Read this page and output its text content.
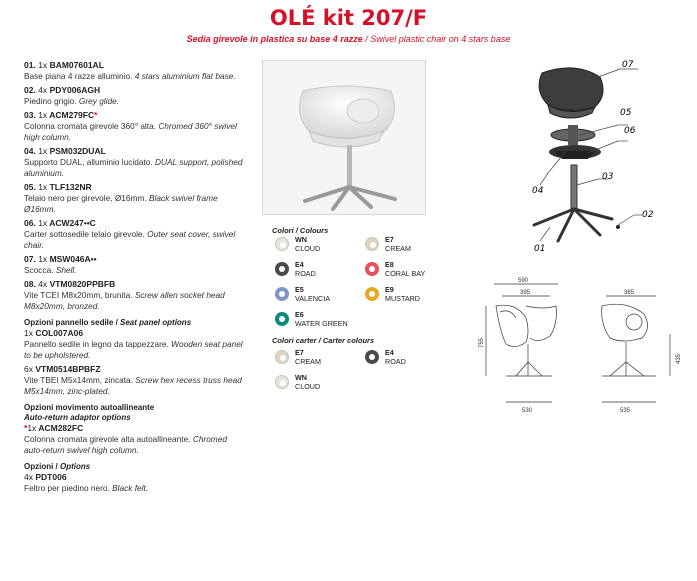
OLÉ kit 207/F
Sedia girevole in plastica su base 4 razze / Swivel plastic chair on 4 stars base
01. 1x BAM07601AL
Base piana 4 razze alluminio. 4 stars aluminium flat base.
02. 4x PDY006AGH
Piedino grigio. Grey glide.
03. 1x ACM279FC*
Colonna cromata girevole 360° alta. Chromed 360° swivel high column.
04. 1x PSM032DUAL
Supporto DUAL, alluminio lucidato. DUAL support, polished aluminium.
05. 1x TLF132NR
Telaio nero per girevole, Ø16mm. Black swivel frame Ø16mm.
06. 1x ACW247••C
Carter sottosedile telaio girevole. Outer seat cover, swivel chair.
07. 1x MSW046A••
Scocca. Shell.
08. 4x VTM0820PPBFB
Vite TCEI M8x20mm, brunita. Screw allen socket head M8x20mm, bronzed.
Opzioni pannello sedile / Seat panel options
1x COL007A06
Pannello sedile in legno da tappezzare. Wooden seat panel to be upholstered.
6x VTM0514BPBFZ
Vite TBEI M5x14mm, zincata. Screw hex recess truss head M5x14mm, zinc-plated.
Opzioni movimento autoallineante
Auto-return adaptor options
*1x ACM282FC
Colonna cromata girevole alta autoallineante. Chromed auto-return swivel high column.
Opzioni / Options
4x PDT006
Feltro per piedino nero. Black felt.
Colori / Colours
WN
CLOUD
E7
CREAM
E4
ROAD
E8
CORAL BAY
E5
VALENCIA
E9
MUSTARD
E6
WATER GREEN
E7
CREAM
E4
ROAD
WN
CLOUD
Colori carter / Carter colours
07
05
06
03
04
02
01
590
395	365
530	535
755
435
